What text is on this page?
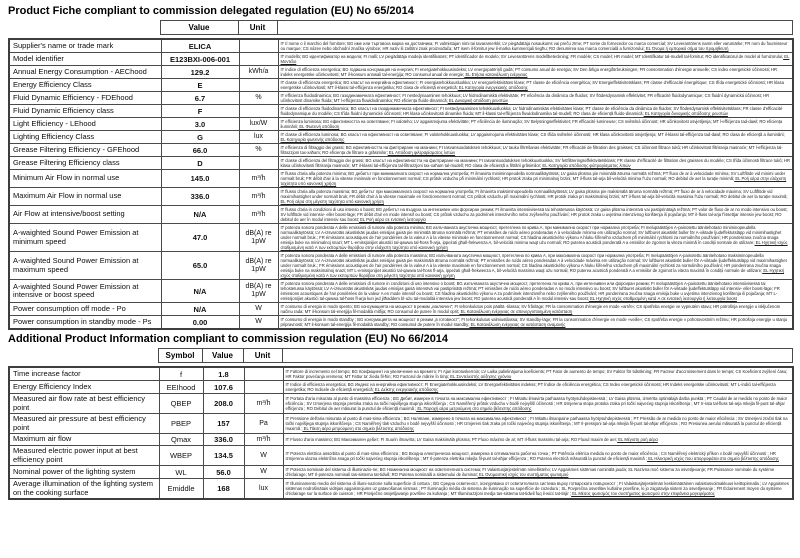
Product Fiche compliant to commission delegated regulation (EU) No 65/2014
	Value	Unit	
Supplier's name or trade mark	ELICA		IT Il nome o il marchio del fornitore; BG име или търговска марка на доставчика; FI valmistajan nimi tai tavaramerkki; LV piegādātāja nosaukums vai preču zīme; PT nome do fornecedor ou marca comercial; SV Leverantörens namn eller varumärke; FR nom du fournisseur ou marque; CS název nebo obchodní značka výrobce; HR naziv ili zaštitni znak proizvođača; MT isem il-fornitur jew il-marka kummerċjali tiegħu; RO denumirea sau marca comercială a furnizorului; EL Όνομα ή εμπορικό σήμα του προμηθευτή
Model identifier	E123BXI-006-001		IT modello; BG идентификатор на модела; FI malli; LV piegādātāja modeļa identifikators; PT identificador de modelo; SV Leverantörens modellbeteckning; FR modèle; CS model; HR model; MT Identifikatur tal-mudell tal-fornitur; RO identificatorul de model al furnizorului; EL Μοντέλο
Annual Energy Consumption - AEChood	129.2	kWh/a	IT indice di efficienza energetica; BG годишна консумация на енергия; FI energiatehokkuusindeksi; LV energopatēriņš gadā; PT consumo anual de energia; SV Den årliga energiförbrukningen; FR consommation d'énergie annuelle; CS index energetické účinnosti; HR indeks energetske učinkovitosti; MT il-konsum annwali tal-enerġija; RO consumul anual de energie; EL Ετήσια κατανάλωση ενέργειας
Energy Efficiency Class	E		IT classe di efficienza energetica; BG класът на енергийна ефективност; FI energiatehokkuusluokka; LV energoefektivitātes klase; PT classe de eficiência energética; SV Energieffektivitetsklass; FR classe d'efficacité énergétique; CS třída energetické účinnosti; HR klasa energetske učinkovitosti; MT il-klassi tal-effiċjenza enerġetika; RO clasa de eficiență energetică; EL Κατηγορία ενεργειακής απόδοσης
Fluid Dynamic Efficiency - FDEhood	6.7	%	IT efficienza fluidodinamica; BG газодинамичната ефективност; FI nestedynaaminen tehokkuus; LV hidrodinamiskā efektivitāte; PT eficiência da dinâmica de fluidos; SV flödesdynamisk effektivitet; FR efficacité fluidodynamique; CS fluidní dynamická účinnost; HR učinkovitost dinamike fluida; MT l-effiċjenza fluwidodinamika; RO eficiența fluido-dinamică; EL Δυναμική απόδοση ρευστών
Fluid Dynamic Efficiency class	F		IT classe di efficienza fluidodinamica; BG класът на газодинамичната ефективност; FI nestedynaaminen tehokkuusluokka; LV hidrodinamiskās efektivitātes klase; PT classe de eficiência da dinâmica de fluidos; SV flödesdynamisk effektivitetsklass; FR classe d'efficacité fluidodynamique du modèle; CS třída fluidní dynamické účinnosti; HR klasa učinkovitosti dinamike fluida; MT il-klassi tal-effiċjenza fluwidodinamika tal-mudell; RO clasa de eficiență fluido-dinamică; EL Κατηγορία δυναμικής απόδοσης ρευστών
Light Efficiency - LEhood	3.0	lux/W	IT efficienza luminosa; BG ефективността на осветяване; FI valoteho; LV apgaismojuma efektivitāte; PT eficiência de iluminação; SV Belysningseffektivitet; FR efficacité lumineuse; CS světelná účinnost; HR učinkovitost osvjetljenja; MT l-effiċjenza tad-dawl; RO eficiența iluminării; EL Φωτεινή απόδοση
Lighting Efficiency Class	G	lux	IT classe di efficienza luminosa; BG класът на ефективност на осветяване; FI valotehokkuusluokka; LV apgaismojuma efektivitātes klase; CS třída světelné účinnosti; HR klasa učinkovitosti osvjetljenja; MT il-klassi tal-effiċjenza tad-dawl; RO clasa de eficiență a iluminării; EL Κατηγορία φωτεινής απόδοσης
Grease Filtering Efficiency - GFEhood	66.0	%	IT efficienza di filtraggio dei grassi; BG ефективността на филтриране на мазнини; FI rasvansuodatuksen tehokkuus; LV tauku filtrēšanas efektivitāte; FR efficacité de filtration des graisses; CS účinnost filtrace tuků; HR učinkovitost filtriranja masnoće; MT l-effiċjenza tal-filtrazzjoni tax-xaħam; RO eficiența de filtrare a grăsimilor; EL Απόδοση φιλτραρίσματος λιπών
Grease Filtering Efficiency class	D		IT classe di efficienza del filtraggio dei grassi; BG класът на ефективността на филтриране на мазнини; FI rasvansuodatuksen tehokkuusluokka; SV fettfiltreringseffektivitetsklass; FR classe d'efficacité de filtration des graisses du modèle; CS třída účinnosti filtrace tuků; HR klasa učinkovitosti filtriranja masnoće; MT il-klassi tal-effiċjenza tal-filtrazzjoni tax-xaħam tal-mudell; RO clasa de eficiență a filtrării grăsimilor; EL Κατηγορία απόδοσης φιλτραρίσματος λιπών
Minimum Air Flow in normal use	145.0	m³/h	IT flusso d'aria alla potenza minima; BG дебитът при минималната скорост на нормална употреба; FI ilmavirta miniminopeudella normaalikäytössä; LV gaisa plūsma pie minimālā ātruma normālā režīmā; PT fluxo de ar à velocidade mínima; SV Luftflöde vid minimi under normalt bruk; FR débit d'air à la vitesse minimale en fonctionnement normal; CS průtok vzduchu při minimální rychlosti; HR protok zraka pri minimalnoj brzini; MT il-fluss tal-arja bil-veloċità minima f'użu normali; RO debitul de aer la turație minimă; EL Ροή αέρα στην ελάχιστη ταχύτητα υπό κανονική χρήση
Maximum Air Flow in normal use	336.0	m³/h	IT flusso d'aria alla potenza massima; BG дебитът при максималната скорост на нормална употреба; FI ilmavirta maksiminopeudella normaalikäytössä; LV gaisa plūsma pie maksimālā ātruma normālā režīmā; PT fluxo de ar à velocidade máxima; SV Luftflöde vid maximihastighet under normalt bruk; FR débit d'air à la vitesse maximale en fonctionnement normal; CS průtok vzduchu při maximální rychlosti; HR protok zraka pri maksimalnoj brzini; MT il-fluss tal-arja bil-veloċità massima f'użu normali; RO debitul de aer la turație maximă; EL Ροή αέρα στη μέγιστη ταχύτητα υπό κανονική χρήση
Air Flow at intensive/boost setting	N/A	m³/h	IT flusso d'aria in condizioni di uso intenso o boost; BG дебитът на въздуха за интензивен или форсиран режим; FI ilmavirta intensiivisessä tai tehostetussa käytössä; LV gaisa plūsma intensīvā vai pastiprinātajā režīmā; PT valor de fluxo de ar no modo intensivo ou boost; SV luftflöde vid intensiv- eller boost-läge; FR débit d'air en mode intensif ou boost; CS průtok vzduchu za podmínek intenzivního nebo zvýšeného používání; HR protok zraka u uvjetima intenzivnog korištenja ili pojačanja; MT il-fluss tal-arja f'issettjar intensiv jew boost; RO debitul de aer în modul intensiv sau boost; EL Ροή αέρα σε εντατική λειτουργία
A-waighted Sound Power Emission at minimum speed	47.0	dB(A) re 1pW	IT potenza sonora ponderata A delle emissioni di rumore alla potenza minima; BG излъчваната акустична мощност, претеглена по крива A, при минимална скорост при нормална употреба; FI melupäästöjen A-painotettu äänitehotaso miniminopeudella normaalikäytössä; LV A-izsvarotās akustiskās jaudas emisijas gaisā pie minimālā ātruma normālā režīmā; PT emissões de ruído aéreo ponderadas A à velocidade mínima em utilização normal; SV luftburet akustiskt buller för A-viktade ljudeffektutsläpp vid minimihastighet under normalt bruk.; FR émissions acoustiques de l'air pondérées de la valeur A à la vitesse minimale en fonctionnement normal; CS hladina akustického výkonu A hluku šířeného vzduchem při minimální rychlosti za normálního používání; HR ponderirana zvučna snaga emisija buke na minimalnoj snazi; MT L-emissjonijiet akustiċi tal-qawwa tal-ħoss fl-arja, ippeżati għall-frekwenza A, bil-veloċità minima waqt użu normali; RO puterea acustică ponderată A a emisiilor de zgomot la viteza minimă în condiții normale de utilizare; EL Ηχητική ισχύς σταθμισμένη κατά A των εκπομπών θορύβου στην ελάχιστη ταχύτητα υπό κανονική χρήση
A-waighted Sound Power Emission at maximum speed	65.0	dB(A) re 1pW	IT potenza sonora ponderata A delle emissioni di rumore alla potenza massima; BG излъчваната акустична мощност, претеглена по крива A, при максимална скорост при нормална употреба; FI melupäästöjen A-painotettu äänitehotaso maksiminopeudella normaalikäytössä; LV A-izsvarotās akustiskās jaudas emisijas gaisā pie maksimālā ātruma normālā režīmā; PT emissões de ruído aéreo ponderadas A à velocidade máxima em utilização normal; SV luftburet akustiskt buller för A-viktade ljudeffektutsläpp vid maximihastighet under normalt bruk.; FR émissions acoustiques de l'air pondérées de la valeur A à la vitesse maximale en fonctionnement normal; CS hladina akustického výkonu A hluku šířeného vzduchem při maximální rychlosti za normálního používání; HR ponderirana zvučna snaga emisija buke na maksimalnoj snazi; MT L-emissjonijiet akustiċi tal-qawwa tal-ħoss fl-arja, ippeżati għall-frekwenza A, bil-veloċità massima waqt użu normali; RO puterea acustică ponderată A a emisiilor de zgomot la viteza maximă în condiții normale de utilizare; EL Ηχητική ισχύς σταθμισμένη κατά A των εκπομπών θορύβου στη μέγιστη ταχύτητα υπό κανονική χρήση
A-waighted Sound Power Emission at intensive or boost speed	N/A	dB(A) re 1pW	IT potenza sonora ponderata A delle emissioni di rumore in condizioni di uso intensivo o boost; BG излъчваната акустична мощност, претеглена по крива A, при интензивен или форсиран режим; FI melupäästöjen A-painotettu äänitehotaso intensiivisessä tai tehostetussa käytössä; LV A-izsvarotās akustiskās jaudas emisijas gaisā intensīvā vai pastiprinātā režīmā; PT emissões de ruído aéreo ponderadas A no modo intensivo ou boost; SV luftburet akustiskt buller för A-viktade ljudeffektutsläpp vid intensiv- eller boost-läge; FR émissions acoustiques de l'air pondérées de la valeur A en mode intensif ou boost; CS hladina akustického výkonu A za podmínek intenzivního nebo zvýšeného používání; HR ponderirana zvučna snaga emisija buke u uvjetima intenzivnog korištenja ili pojačanja; MT L-emissjonijiet akustiċi tal-qawwa tal-ħoss fl-arja kun jed jitħaddem bl-użu tal-modalità intensiva jew boost; RO puterea acustică ponderată A în modul intensiv sau boost; EL Ηχητική ισχύς σταθμισμένη κατά A σε εντατική λειτουργία ή λειτουργία boost
Power consumption off mode - Po	N/A	W	IT consumo di energia in modo spento; BG консумацията на мощност в режим „изключен“; FI tehonkulutus pois päältä -tilassa; SV frånläge; FR la consommation d'énergie en mode «arrêt»; CS spotřeba energie ve vypnutém stavu; HR potrošnja energije u isključenom načinu rada; MT il-konsum tal-enerġija fil-modalità mitfija; RO consumul de putere în modul oprit; EL Κατανάλωση ενέργειας σε απενεργοποιημένη κατάσταση
Power consumption in standby mode - Ps	0.00	W	IT consumo di energia in modo standby ; BG консумацията на мощност в режим „в готовност“; FI tehonkulutus valmiustilassa; SV standby-läge; FR la consommation d'énergie en mode «veille»; CS spotřeba energie v pohotovostním režimu; HR potrošnja energije u stanju pripravnosti; MT il-konsum tal-enerġija fil-modalità standby; RO consumul de putere în modul standby; EL Κατανάλωση ενέργειας σε κατάσταση αναμονής
Additional Product Information compliant to commission regulation (EU) No 66/2014
	Symbol	Value	Unit	
Time increase factor	f	1.8		IT Fattore di incremento nel tempo; BG Коефициент на увеличение на времето; FI Ajan korotuskerroin; LV Laika palielinājuma koeficients; PT Fator de aumento de tempo; SV Faktor för tidsökning; FR Facteur d'accroissement dans le temps; CS Koeficient zvýšení času; HR Faktor povećanja vremena; MT Fattur ta' żieda fil-ħin; RO Factorul de mărire în timp; EL Συντελεστής αύξησης χρόνου
Energy Efficiency Index	EEIhood	107.6		IT Indice di efficienza energetica; BG Индекс на енергийна ефективност; FI Energiatehokkuusindeksi; LV Energoefektivitātes indekss; PT Índice de eficiência energética; CS Index energetické účinnosti; HR Indeks energetske učinkovitosti; MT L-indiċi tal-effiċjenza enerġetika; RO Indicele de eficiență energetică; EL Δείκτης ενεργειακής απόδοσης
Measured air flow rate at best efficiency point	QBEP	208.0	m³/h	IT Portata d'aria misurata al punto di massima efficienza ; BG Дебит, измерен в точката на максимална ефективност ; FI Mitattu ilmavirta parhaassa hyötysuhdepisteessä ; LV Gaisa plūsma, izmērīta optimālajā darba punktā ; PT Caudal de ar medido no ponto de maior eficiência ; SV Izmerjena stopnja pretoka zraka na točki najvišjega stupnja iskoriščenja ; CS Naměřený průtok vzduchu v bodě nejvyšší účinnosti ; HR Izmjerena stopa protoka zraka pri točki najvećeg stupnja iskorištenja ; MT Ir-rata tal-fluss tal-arja mkejla fil-punt tal-aħjar effiċjenza ; RO Debitul de aer măsurat la punctul de eficiență maximă ; EL Παροχή αέρα μετρούμενη στο σημείο βέλτιστης απόδοσης
Measured air pressure at best efficiency point	PBEP	157	Pa	IT Pressione dell'aria misurata al punto di mas-sima efficienza ; BG Налягане, измерено в точката на максимална ефективност ; FI Mitattu ilmanpaine parhaassa hyötysuhdepisteessä ; PT Pressão de ar medida no ponto de maior eficiência ; SV Izmerjeni zračni tlak na točki najvišjega stupnja iskoriščenja ; CS Naměřený tlak vzduchu v bodě nejvyšší účinnosti ; HR Izmjereni tlak zraka pri točki najvećeg stupnja iskorištenja ; MT Il-pressjoni tal-arja mkejla fil-punt tal-aħjar effiċjenza ; RO Presiunea aerului măsurată la punctul de eficiență maximă ; EL Πίεση αέρα μετρούμενη στο σημείο βέλτιστης απόδοσης
Maximum air flow	Qmax	336.0	m³/h	IT Flusso d'aria massimo; BG Максимален дебит; FI Suurin ilmavirta; LV Gaisa maksimālā plūsma; PT Fluxo máximo de ar; MT Il-fluss massimu tal-arja; RO Fluxul maxim de aer; EL Μέγιστη ροή αέρα
Measured electric power input at best efficiency point	WBEP	134.5	W	IT Potenza elettrica assorbita al punto di mas-sima efficienza ; BG Входна електрическа мощност, измерена в оптималната работна точка ; PT Potência elétrica medida no ponto de maior eficiência ; CS Naměřený elektrický příkon v bodě nejvyšší účinnosti ; HR Izmjerena ulazna električna snaga pri točki najvećeg stupnja iskorištenja ; MT Il-potenza elettrika mkejla fil-punt tal-aħjar effiċjenza ; RO Puterea electrică măsurată la punctul de eficiență maximă ; EL Ηλεκτρική ισχύς που απορροφάται στο σημείο βέλτιστης απόδοσης
Nominal power of the lighting system	WL	56.0	W	IT Potenza nominale del sistema di illuminazio-ne; BG Номинална мощност на осветителната система; FI Valaistusjärjestelmän nimellisteho; LV Apgaismes sistēmas nominālā jauda; SL Nazivna moč sistema za osvetljevanje; FR Puissance nominale du système d'éclairage; MT Il-potenza nominali tas-sistema tat-tidwil; RO Puterea nominală a sistemului de iluminat; EL Ονομαστική ισχύς του συστήματος φωτισμού
Average illumination of the lighting system on the cooking surface	Emiddle	168	lux	IT Illuminamento medio del sistema di illumi-nazione sulla superficie di cottura ; BG Средна осветеност, осигурявана от осветителната система върху готварската повърхност ; FI Valaistusjärjestelmän keskimääräinen valaistusvoimakkuus keittopinnalla ; LV Apgaismes sistēmas nodrošinātais vidējais apgaismojums uz gatavošanas virsmas ; PT Iluminação média do sistema de iluminação na superfície de cozedura ; SL Povprečna osvetlitev kuhalne površine, ki jo zagotavlja sistem za osvetljevanje ; FR Éclairement moyen du système d'éclairage sur la surface de cuisson ; HR Prosječno osvjetljavanje površine za kuhanja ; MT Illuminazzjoni medja tas-sistema tat-tidwil fuq il-wiċċ tat-tisjir ; EL Μέσος φωτισμός του συστήματος φωτισμού στην επιφάνεια μαγειρέματος
